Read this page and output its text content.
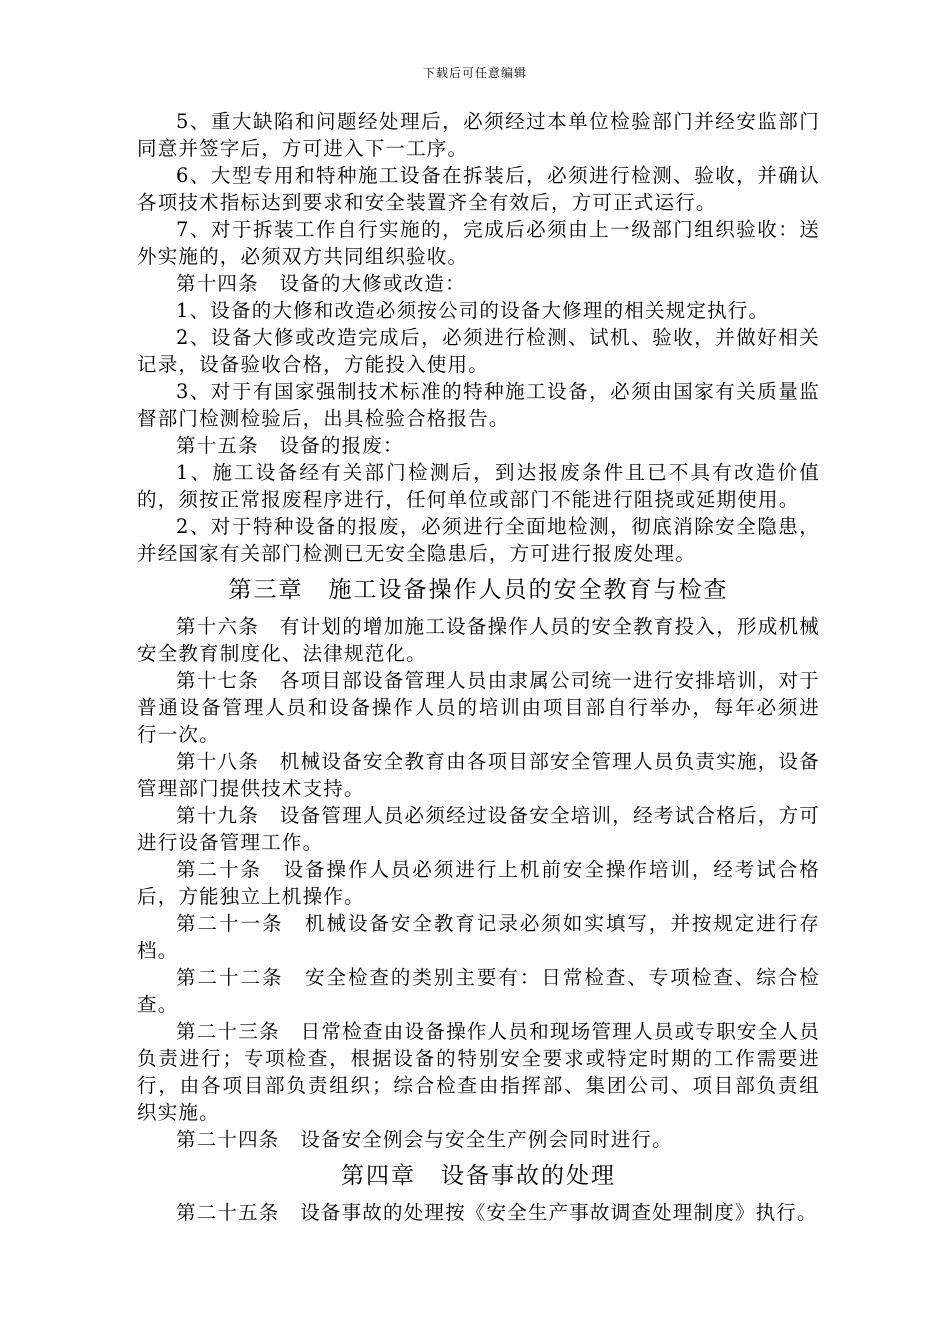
下载后可任意编辑

5、重大缺陷和问题经处理后，必须经过本单位检验部门并经安监部门同意并签字后，方可进入下一工序。

6、大型专用和特种施工设备在拆装后，必须进行检测、验收，并确认各项技术指标达到要求和安全装置齐全有效后，方可正式运行。

7、对于拆装工作自行实施的，完成后必须由上一级部门组织验收：送外实施的，必须双方共同组织验收。

第十四条　设备的大修或改造：

1、设备的大修和改造必须按公司的设备大修理的相关规定执行。

2、设备大修或改造完成后，必须进行检测、试机、验收，并做好相关记录，设备验收合格，方能投入使用。

3、对于有国家强制技术标准的特种施工设备，必须由国家有关质量监督部门检测检验后，出具检验合格报告。

第十五条　设备的报废：

1、施工设备经有关部门检测后，到达报废条件且已不具有改造价值的，须按正常报废程序进行，任何单位或部门不能进行阻挠或延期使用。

2、对于特种设备的报废，必须进行全面地检测，彻底消除安全隐患，并经国家有关部门检测已无安全隐患后，方可进行报废处理。

第三章　施工设备操作人员的安全教育与检查

第十六条　有计划的增加施工设备操作人员的安全教育投入，形成机械安全教育制度化、法律规范化。

第十七条　各项目部设备管理人员由隶属公司统一进行安排培训，对于普通设备管理人员和设备操作人员的培训由项目部自行举办，每年必须进行一次。

第十八条　机械设备安全教育由各项目部安全管理人员负责实施，设备管理部门提供技术支持。

第十九条　设备管理人员必须经过设备安全培训，经考试合格后，方可进行设备管理工作。

第二十条　设备操作人员必须进行上机前安全操作培训，经考试合格后，方能独立上机操作。

第二十一条　机械设备安全教育记录必须如实填写，并按规定进行存档。

第二十二条　安全检查的类别主要有：日常检查、专项检查、综合检查。

第二十三条　日常检查由设备操作人员和现场管理人员或专职安全人员负责进行；专项检查，根据设备的特别安全要求或特定时期的工作需要进行，由各项目部负责组织；综合检查由指挥部、集团公司、项目部负责组织实施。

第二十四条　设备安全例会与安全生产例会同时进行。

第四章　设备事故的处理

第二十五条　设备事故的处理按《安全生产事故调查处理制度》执行。
